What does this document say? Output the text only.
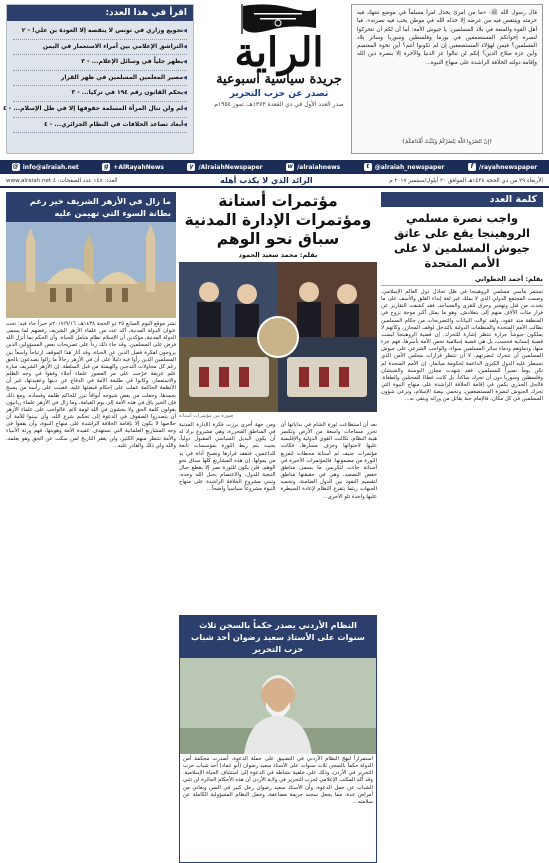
قال رسول الله ﷺ: «ما من امرئ يخذل امرأ مسلماً في موضع تنتهك فيه حرمته وينتقص فيه من عرضه إلا خذله الله في موطن يحب فيه نصرته». فيا أهل القوة والمنعة في بلاد المسلمين: يا جيوش الأمة: أما آن لكم أن تتحركوا لنصرة إخوانكم المستضعفين في بورما وفلسطين وسوريا وسائر بلاد المسلمين؟ فيمن لهؤلاء المستضعفين إن لم تكونوا أنتم؟ أين نخوة المعتصم وأين عزة صلاح الدين؟ إنكم لن تنالوا عز الدنيا والآخرة إلا بنصرة دين الله وإقامة دولته الخلافة الراشدة على منهاج النبوة...
﴿إِنْ تَنْصُرُوا اللَّهَ يَنْصُرْكُمْ وَيُثَبِّتْ أَقْدَامَكُمْ﴾
الراية
جريدة سياسية أسبوعية
تصدر عن حزب التحرير
صدر العدد الأول في ذي القعدة ١٣٧٣هـ، تموز ١٩٥٤م
اقرأ في هذا العدد:
◀ تجويع وزاري في تونس لا ينقصه إلا العودة بن علي! - ٢
◀ التراشق الإعلامي بين أمراء الاستعمار في اليمن
◀ يظهر جلياً في وسائل الإعلام... - ٣
◀ مصير المعلمين المسلمين في ظهر القرار
◀ يحكم القانون رقم ١٩٤ في تركيا... - ٣
◀ لم ولن تنال المرأة المسلمة حقوقها إلا في ظل الإسلام... - ٤
◀ أبعاد تصاعد الخلافات في النظام الجزائري... - ٤
f /rayahnewspaper
t @alraiah_newspaper
w /alraiahnews
y /AlraiahNewspaper
g +AlRayahNews
@ info@alraiah.net
الأربعاء ٢٩ من ذي الحجة ١٤٣٨هـ الموافق ٢٠ أيلول/سبتمبر ٢٠١٧ م
الرائد الذي لا يكذب أهله
www.alraiah.net العدد: ١٤٨ عدد الصفحات: ٤
كلمة العدد
واجب نصرة مسلمي الروهينجا يقع على عاتق جيوش المسلمين لا على الأمم المتحدة
بقلم: أحمد الخطواني
تستمر مآسي مسلمي الروهينجا في ظل تخاذل دول العالم الإسلامي، وصمت المجتمع الدولي الذي لا يملك غير لغة إبداء القلق والأسف على ما يحدث من قتل وتهجير وحرق للقرى والمساجد، فقد كشفت التقارير عن فرار مئات الآلاف منهم إلى بنغلادش، وهو ما يمثل أكبر موجة نزوح في المنطقة منذ عقود. ولقد توالت البيانات والتصريحات من حكام المسلمين تطالب الأمم المتحدة والمنظمات الدولية بالتدخل لوقف المجازر، وكأنهم لا يملكون جيوشاً جرارة تنتظر إشارة للتحرك. إن قضية الروهينجا ليست قضية إنسانية فحسب، بل هي قضية إسلامية تخص الأمة بأسرها، فهم جزء منها، ودماؤهم ودماء سائر المسلمين سواء، والواجب الشرعي على جيوش المسلمين أن تتحرك لنصرتهم، لا أن تنتظر قرارات مجلس الأمن الذي تسيطر عليه الدول الكبرى الداعمة لحكومة ميانمار. إن الأمم المتحدة لم تكن يوماً نصيراً للمسلمين، فقد شهدت مجازر البوسنة والشيشان وفلسطين وسوريا دون أن تحرك ساكناً، بل كانت غطاءً للمحتلين والطغاة. فالحل الجذري يكمن في إقامة الخلافة الراشدة على منهاج النبوة التي تحرك الجيوش لنصرة المستضعفين، وتحمي بيضة الإسلام، وترعى شؤون المسلمين في كل مكان، فالإمام جنة يقاتل من ورائه ويتقى به...
مؤتمرات أستانة ومؤتمرات الإدارة المدنية سباق نحو الوهم
بقلم: محمد سعيد الحمود
صورة من مؤتمرات أستانة
بعد أن استطاعت ثورة الشام في بداياتها أن تحرر مساحات واسعة من الأرض وتكسر هيبة النظام، تكالبت القوى الدولية والإقليمية عليها لاحتوائها وحرف مسارها، فكانت مؤتمرات جنيف ثم أستانة محطات لتفريغ الثورة من مضمونها. فالمؤتمرات الأخيرة في أستانة جاءت لتكريس ما يسمى مناطق خفض التصعيد، وهي في حقيقتها مناطق لتقسيم النفوذ بين الدول الضامنة، وتجميد الجبهات ريثما يتفرغ النظام لإعادة السيطرة عليها واحدة تلو الأخرى...
ومن جهة أخرى برزت فكرة الإدارة المدنية في المناطق المحررة، وهي مشروع يراد له أن يكون البديل السياسي المقبول دولياً، بحيث يتم ربط الثورة بمؤسسات تابعة للداعمين، فتفقد قرارها وتصبح أداة في يد من يمولها. إن هذه المشاريع كلها سباق نحو الوهم، فلن يكون للثورة نصر إلا بقطع حبال التبعية للدول، والاعتصام بحبل الله وحده، وتبني مشروع الخلافة الراشدة على منهاج النبوة مشروعاً سياسياً واضحاً...
النظام الأردني يصدر حكماً بالسجن ثلاث سنوات على الأستاذ سعيد رضوان أحد شباب حزب التحرير
استمراراً لنهج النظام الأردني في التضييق على حملة الدعوة، أصدرت محكمة أمن الدولة حكماً بالسجن ثلاث سنوات على الأستاذ سعيد رضوان (أبو عماد) أحد شباب حزب التحرير في الأردن، وذلك على خلفية نشاطه في الدعوة إلى استئناف الحياة الإسلامية. وقد أكد المكتب الإعلامي لحزب التحرير في ولاية الأردن أن هذه الأحكام الجائرة لن تثني الشباب عن حمل الدعوة، وأن الأستاذ سعيد رضوان رجل كبير في السن ويعاني من أمراض عدة، مما يجعل سجنه جريمة مضاعفة، وحمل النظام المسؤولية الكاملة عن سلامته...
ما زال في الأزهر الشريف خير رغم بطانة السوء التي تهيمن عليه
نشر موقع اليوم السابع ٢٥ ذو الحجة ١٤٣٨هـ، ٢٠١٧/٩/١٦م خبراً جاء فيه: تحت عنوان الدولة المدنية، أكد عدد من علماء الأزهر الشريف رفضهم لما يسمى الدولة المدنية، مؤكدين أن الإسلام نظام شامل للحياة، وأن الحكم بما أنزل الله فرض على المسلمين. وقد جاء ذلك رداً على تصريحات بعض المسؤولين الذين يروجون لفكرة فصل الدين عن الحياة، وقد أثار هذا الموقف ارتياحاً واسعاً بين المسلمين الذين رأوا فيه دليلاً على أن في الأزهر رجالاً ما زالوا يصدعون بالحق رغم كل محاولات التدجين والهيمنة من قبل السلطة. إن الأزهر الشريف منارة علم عريقة خرّجت على مر العصور علماء أجلاء وقفوا في وجه الظلم والاستعمار، وكانوا في طليعة الأمة في الدفاع عن دينها وعقيدتها، غير أن الأنظمة الحاكمة عملت على إحكام قبضتها عليه، فعينت على رأسه من يسبح بحمدها، وجعلت من بعض شيوخه أبواقاً تبرر للحاكم ظلمه وفساده. ومع ذلك فإن الخير باق في هذه الأمة إلى يوم القيامة، وما زال في الأزهر علماء ربانيون يقولون كلمة الحق ولا يخشون في الله لومة لائم. فالواجب على علماء الأزهر أن يتصدروا الصفوف في الدعوة إلى تحكيم شرع الله، وأن يبينوا للأمة أن خلاصها لا يكون إلا بإقامة الخلافة الراشدة على منهاج النبوة، وأن يقفوا في وجه المشاريع العلمانية التي تستهدف عقيدة الأمة وهويتها، فهم ورثة الأنبياء والأمة تنتظر منهم الكثير، ولن يغفر التاريخ لمن سكت عن الحق وهو يعلمه، والله ولي ذلك والقادر عليه...
